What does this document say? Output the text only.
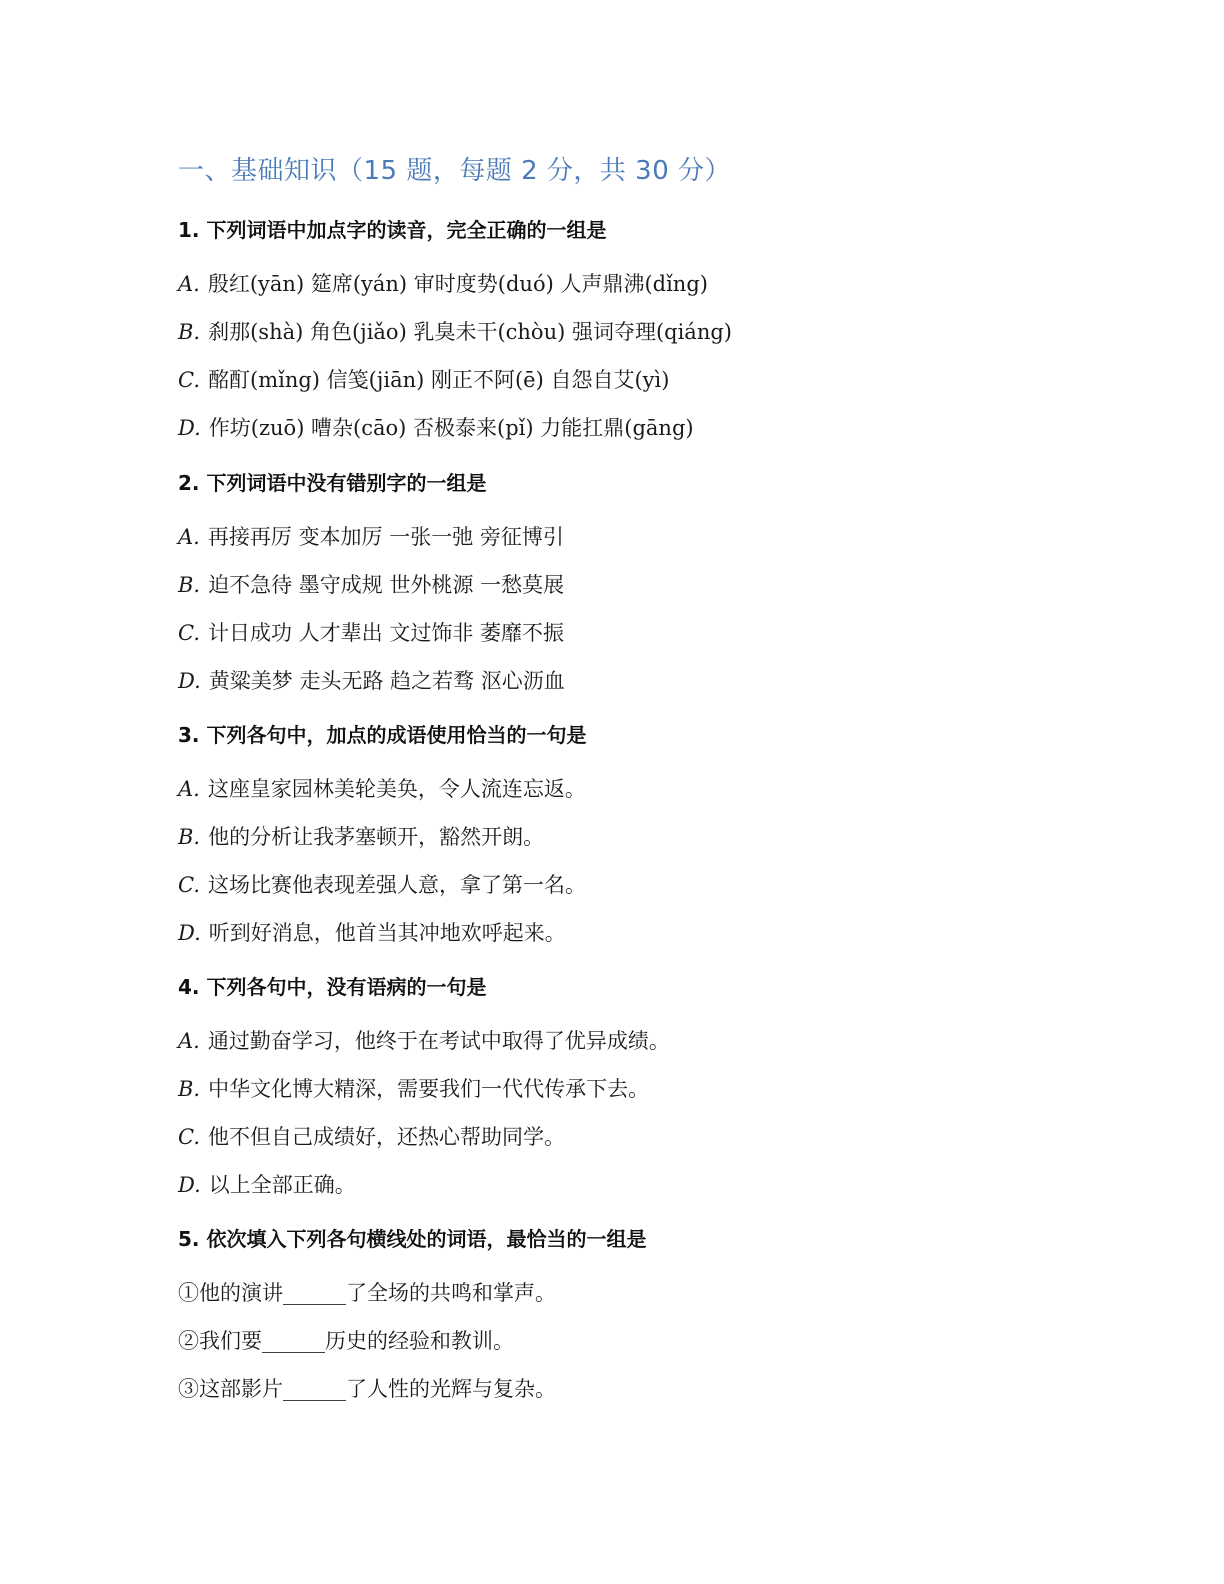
一、基础知识（15 题，每题 2 分，共 30 分）
1. 下列词语中加点字的读音，完全正确的一组是
A. 殷红(yān) 筵席(yán) 审时度势(duó) 人声鼎沸(dǐng)
B. 刹那(shà) 角色(jiǎo) 乳臭未干(chòu) 强词夺理(qiáng)
C. 酩酊(mǐng) 信笺(jiān) 刚正不阿(ē) 自怨自艾(yì)
D. 作坊(zuō) 嘈杂(cāo) 否极泰来(pǐ) 力能扛鼎(gāng)
2. 下列词语中没有错别字的一组是
A. 再接再厉 变本加厉 一张一弛 旁征博引
B. 迫不急待 墨守成规 世外桃源 一愁莫展
C. 计日成功 人才辈出 文过饰非 萎靡不振
D. 黄粱美梦 走头无路 趋之若骛 沤心沥血
3. 下列各句中，加点的成语使用恰当的一句是
A. 这座皇家园林美轮美奂，令人流连忘返。
B. 他的分析让我茅塞顿开，豁然开朗。
C. 这场比赛他表现差强人意，拿了第一名。
D. 听到好消息，他首当其冲地欢呼起来。
4. 下列各句中，没有语病的一句是
A. 通过勤奋学习，他终于在考试中取得了优异成绩。
B. 中华文化博大精深，需要我们一代代传承下去。
C. 他不但自己成绩好，还热心帮助同学。
D. 以上全部正确。
5. 依次填入下列各句横线处的词语，最恰当的一组是
①他的演讲______了全场的共鸣和掌声。
②我们要______历史的经验和教训。
③这部影片______了人性的光辉与复杂。
